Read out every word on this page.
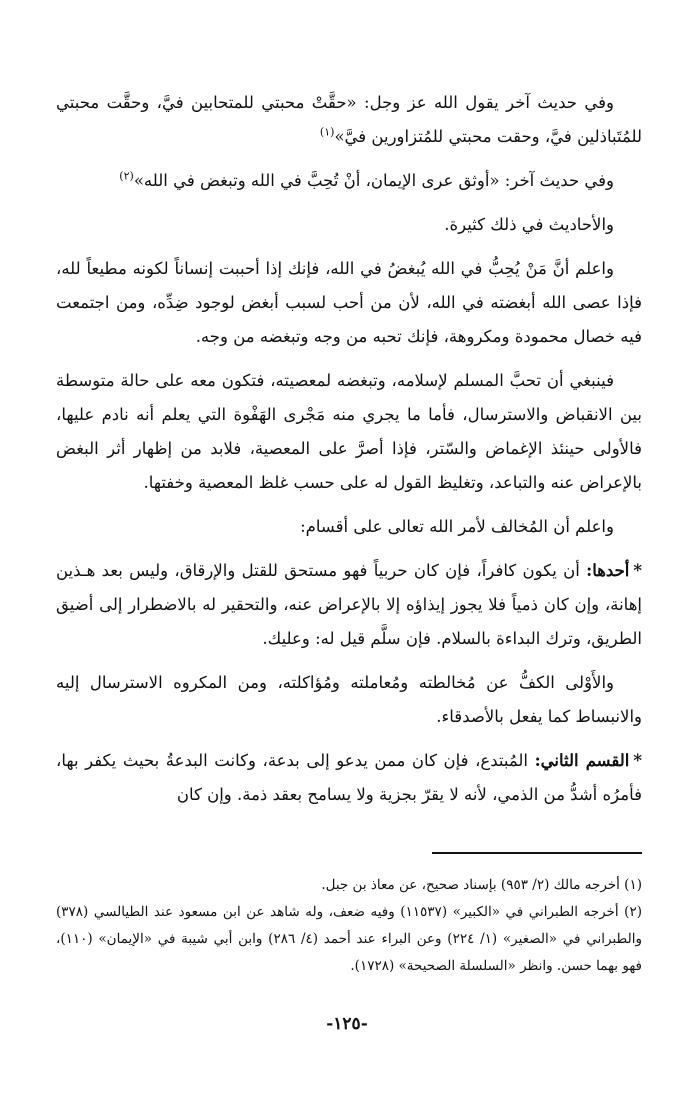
وفي حديث آخر يقول الله عز وجل: «حقَّتْ محبتي للمتحابين فيَّ، وحقَّت محبتي للمُتَباذلين فيَّ، وحقت محبتي للمُتزاورين فيَّ»$^{(١)}$

وفي حديث آخر: «أوثق عرى الإيمان، أنْ تُحِبَّ في الله وتبغض في الله»$^{(٢)}$

والأحاديث في ذلك كثيرة.

واعلم أنَّ مَنْ يُحِبُّ في الله يُبغضُ في الله، فإنك إذا أحببت إنساناً لكونه مطيعاً لله، فإذا عصى الله أبغضته في الله، لأن من أحب لسبب أبغض لوجود ضِدِّه، ومن اجتمعت فيه خصال محمودة ومكروهة، فإنك تحبه من وجه وتبغضه من وجه.

فينبغي أن تحبَّ المسلم لإسلامه، وتبغضه لمعصيته، فتكون معه على حالة متوسطة بين الانقباض والاسترسال، فأما ما يجري منه مَجْرى الهَفْوة التي يعلم أنه نادم عليها، فالأولى حينئذ الإغماض والسّتر، فإذا أصرَّ على المعصية، فلابد من إظهار أثر البغض بالإعراض عنه والتباعد، وتغليظ القول له على حسب غلظ المعصية وخفتها.

واعلم أن المُخالف لأمر الله تعالى على أقسام:

*أحدها: أن يكون كافراً، فإن كان حربياً فهو مستحق للقتل والإرقاق، وليس بعد هـذين إهانة، وإن كان ذمياً فلا يجوز إيذاؤه إلا بالإعراض عنه، والتحقير له بالاضطرار إلى أضيق الطريق، وترك البداءة بالسلام. فإن سلَّم قيل له: وعليك.

والأَوْلى الكفُّ عن مُخالطته ومُعاملته ومُؤاكلته، ومن المكروه الاسترسال إليه والانبساط كما يفعل بالأصدقاء.

*القسم الثاني: المُبتدع، فإن كان ممن يدعو إلى بدعة، وكانت البدعةُ بحيث يكفر بها، فأمرُه أشدُّ من الذمي، لأنه لا يقرّ بجزية ولا يسامح بعقد ذمة. وإن كان

(١) أخرجه مالك (٢/ ٩٥٣) بإسناد صحيح، عن معاذ بن جبل.
(٢) أخرجه الطبراني في «الكبير» (١١٥٣٧) وفيه ضعف، وله شاهد عن ابن مسعود عند الطيالسي (٣٧٨) والطبراني في «الصغير» (١/ ٢٢٤) وعن البراء عند أحمد (٤/ ٢٨٦) وابن أبي شيبة في «الإيمان» (١١٠)، فهو بهما حسن. وانظر «السلسلة الصحيحة» (١٧٢٨).
-١٢٥-
